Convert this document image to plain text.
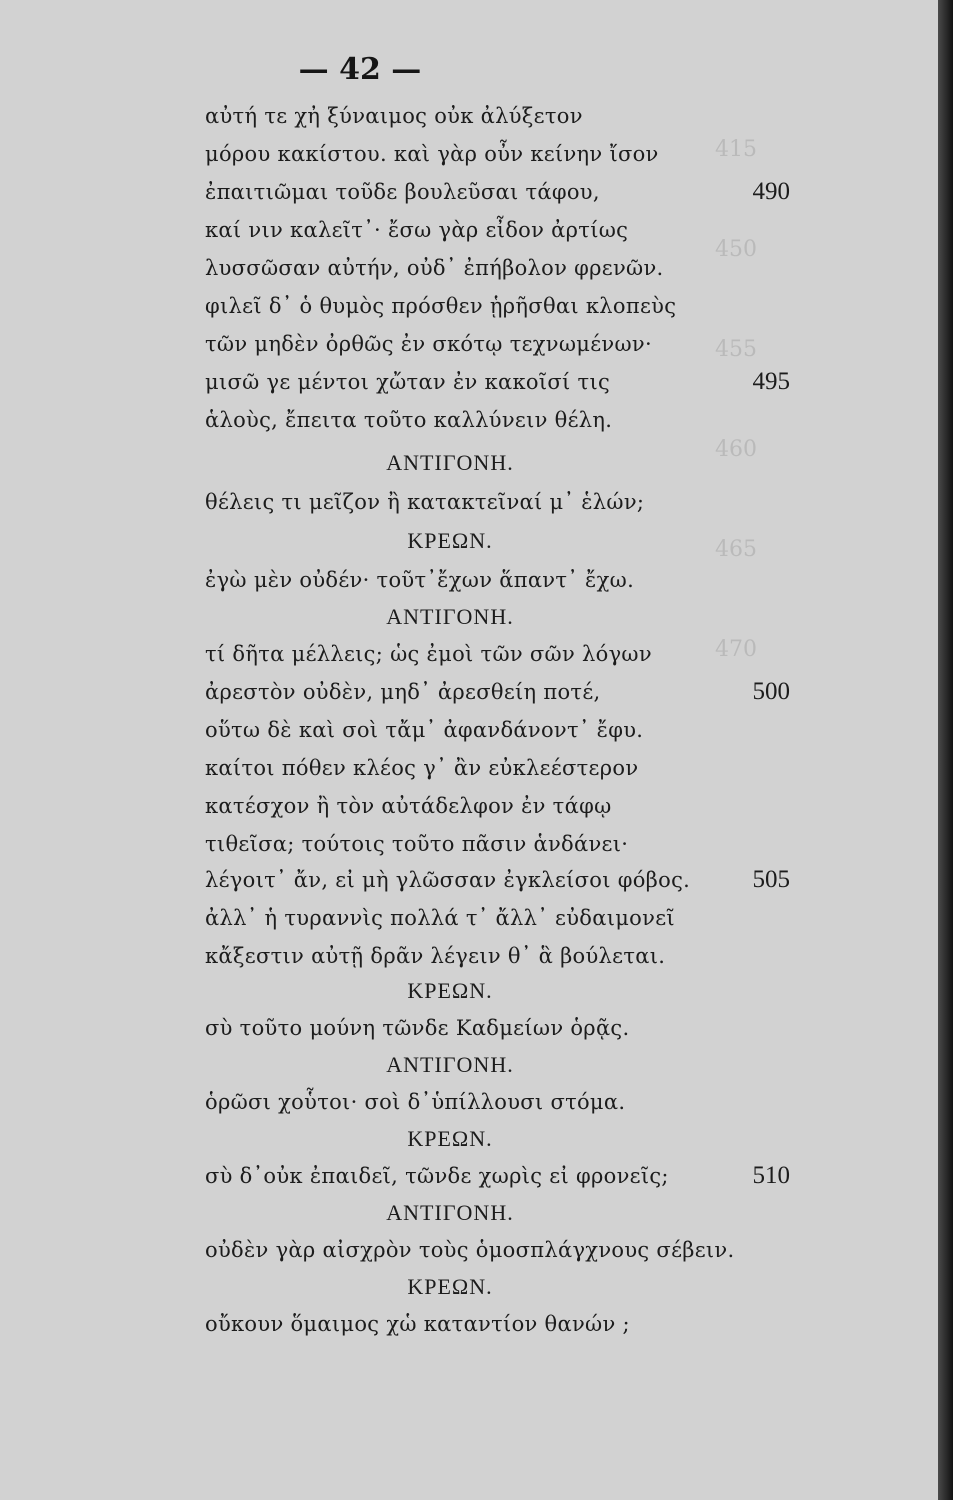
415
450
455
460
465
470
— 42 —
αὐτή τε χἠ ξύναιμος οὐκ ἀλύξετον
μόρου κακίστου. καὶ γὰρ οὖν κείνην ἴσον
ἐπαιτιῶμαι τοῦδε βουλεῦσαι τάφου,	490
καί νιν καλεῖτ᾽· ἔσω γὰρ εἶδον ἀρτίως
λυσσῶσαν αὐτήν, οὐδ᾽ ἐπήβολον φρενῶν.
φιλεῖ δ᾽ ὁ θυμὸς πρόσθεν ᾑρῆσθαι κλοπεὺς
τῶν μηδὲν ὀρθῶς ἐν σκότῳ τεχνωμένων·
μισῶ γε μέντοι χὤταν ἐν κακοῖσί τις	495
ἁλοὺς, ἔπειτα τοῦτο καλλύνειν θέλη.
ΑΝΤΙΓΟΝΗ.
θέλεις τι μεῖζον ἢ κατακτεῖναί μ᾽ ἑλών;
ΚΡΕΩΝ.
ἐγὼ μὲν οὐδέν· τοῦτ᾽ἔχων ἅπαντ᾽ ἔχω.
ΑΝΤΙΓΟΝΗ.
τί δῆτα μέλλεις; ὡς ἐμοὶ τῶν σῶν λόγων
ἀρεστὸν οὐδὲν, μηδ᾽ ἀρεσθείη ποτέ,	500
οὕτω δὲ καὶ σοὶ τἄμ᾽ ἀφανδάνοντ᾽ ἔφυ.
καίτοι πόθεν κλέος γ᾽ ἂν εὐκλεέστερον
κατέσχον ἢ τὸν αὐτάδελφον ἐν τάφῳ
τιθεῖσα; τούτοις τοῦτο πᾶσιν ἁνδάνει·
λέγοιτ᾽ ἄν, εἰ μὴ γλῶσσαν ἐγκλείσοι φόβος.	505
ἀλλ᾽ ἡ τυραννὶς πολλά τ᾽ ἄλλ᾽ εὐδαιμονεῖ
κἄξεστιν αὐτῇ δρᾶν λέγειν θ᾽ ἃ βούλεται.
ΚΡΕΩΝ.
σὺ τοῦτο μούνη τῶνδε Καδμείων ὁρᾷς.
ΑΝΤΙΓΟΝΗ.
ὁρῶσι χοὗτοι· σοὶ δ᾽ὑπίλλουσι στόμα.
ΚΡΕΩΝ.
σὺ δ᾽οὐκ ἐπαιδεῖ, τῶνδε χωρὶς εἰ φρονεῖς;	510
ΑΝΤΙΓΟΝΗ.
οὐδὲν γὰρ αἰσχρὸν τοὺς ὁμοσπλάγχνους σέβειν.
ΚΡΕΩΝ.
οὔκουν ὅμαιμος χὡ καταντίον θανών ;
